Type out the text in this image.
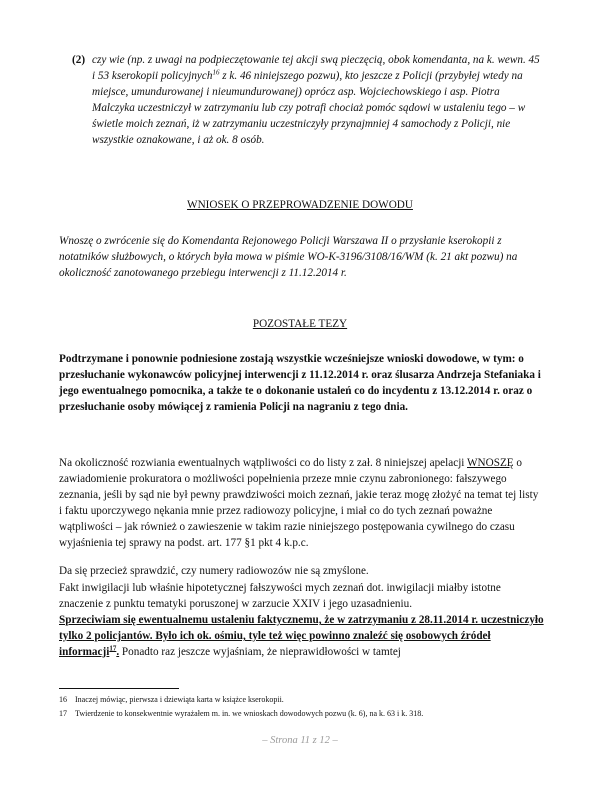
(2) czy wie (np. z uwagi na podpieczętowanie tej akcji swą pieczęcią, obok komendanta, na k. wewn. 45 i 53 kserokopii policyjnych$^{16}$ z k. 46 niniejszego pozwu), kto jeszcze z Policji (przybyłej wtedy na miejsce, umundurowanej i nieumundurowanej) oprócz asp. Wojciechowskiego i asp. Piotra Malczyka uczestniczył w zatrzymaniu lub czy potrafi chociaż pomóc sądowi w ustaleniu tego – w świetle moich zeznań, iż w zatrzymaniu uczestniczyły przynajmniej 4 samochody z Policji, nie wszystkie oznakowane, i aż ok. 8 osób.
WNIOSEK O PRZEPROWADZENIE DOWODU
Wnoszę o zwrócenie się do Komendanta Rejonowego Policji Warszawa II o przysłanie kserokopii z notatników służbowych, o których była mowa w piśmie WO-K-3196/3108/16/WM (k. 21 akt pozwu) na okoliczność zanotowanego przebiegu interwencji z 11.12.2014 r.
POZOSTAŁE TEZY
Podtrzymane i ponownie podniesione zostają wszystkie wcześniejsze wnioski dowodowe, w tym: o przesłuchanie wykonawców policyjnej interwencji z 11.12.2014 r. oraz ślusarza Andrzeja Stefaniaka i jego ewentualnego pomocnika, a także te o dokonanie ustaleń co do incydentu z 13.12.2014 r. oraz o przesłuchanie osoby mówiącej z ramienia Policji na nagraniu z tego dnia.
Na okoliczność rozwiania ewentualnych wątpliwości co do listy z zał. 8 niniejszej apelacji WNOSZĘ o zawiadomienie prokuratora o możliwości popełnienia przeze mnie czynu zabronionego: fałszywego zeznania, jeśli by sąd nie był pewny prawdziwości moich zeznań, jakie teraz mogę złożyć na temat tej listy i faktu uporczywego nękania mnie przez radiowozy policyjne, i miał co do tych zeznań poważne wątpliwości – jak również o zawieszenie w takim razie niniejszego postępowania cywilnego do czasu wyjaśnienia tej sprawy na podst. art. 177 §1 pkt 4 k.p.c.
Da się przecież sprawdzić, czy numery radiowozów nie są zmyślone.
Fakt inwigilacji lub właśnie hipotetycznej fałszywości mych zeznań dot. inwigilacji miałby istotne znaczenie z punktu tematyki poruszonej w zarzucie XXIV i jego uzasadnieniu.
Sprzeciwiam się ewentualnemu ustaleniu faktycznemu, że w zatrzymaniu z 28.11.2014 r. uczestniczyło tylko 2 policjantów. Było ich ok. ośmiu, tyle też więc powinno znaleźć się osobowych źródeł informacji$^{17}$. Ponadto raz jeszcze wyjaśniam, że nieprawidłowości w tamtej
16 Inaczej mówiąc, pierwsza i dziewiąta karta w książce kserokopii.
17 Twierdzenie to konsekwentnie wyrażałem m. in. we wnioskach dowodowych pozwu (k. 6), na k. 63 i k. 318.
– Strona 11 z 12 –
